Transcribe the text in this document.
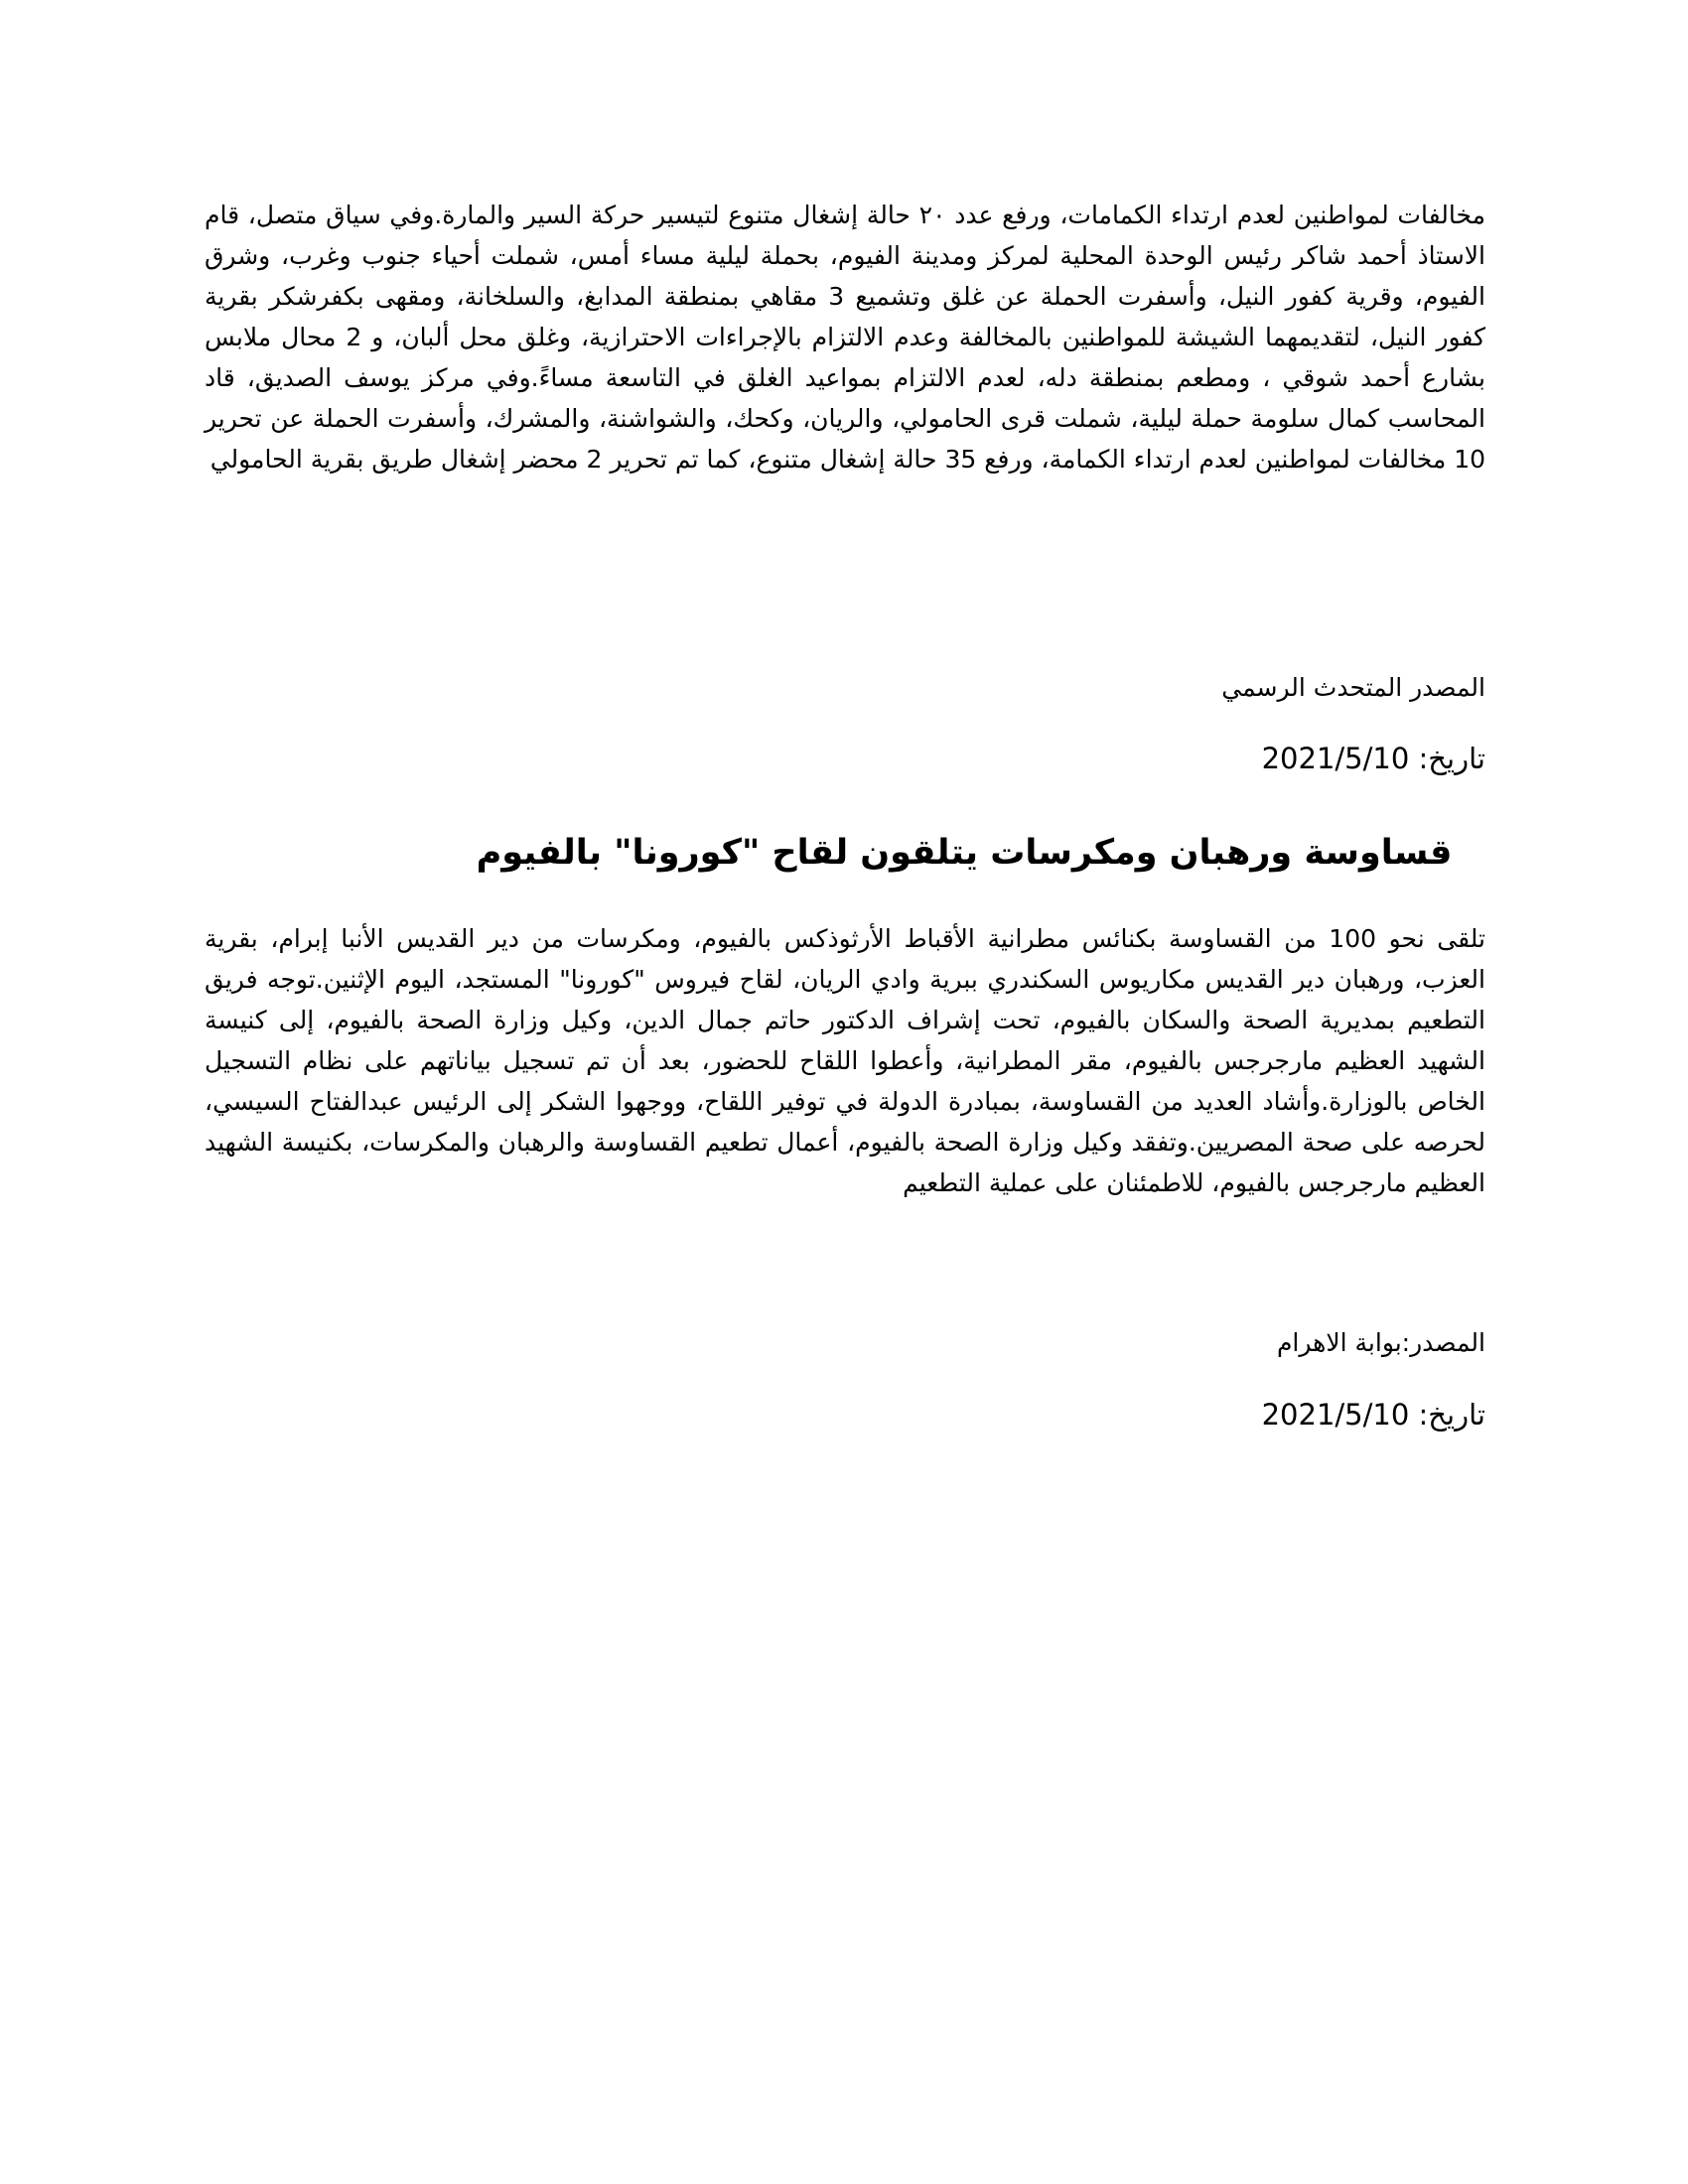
مخالفات لمواطنين لعدم ارتداء الكمامات، ورفع عدد ٢٠ حالة إشغال متنوع لتيسير حركة السير والمارة.وفي سياق متصل، قام الاستاذ أحمد شاكر رئيس الوحدة المحلية لمركز ومدينة الفيوم، بحملة ليلية مساء أمس، شملت أحياء جنوب وغرب، وشرق الفيوم، وقرية كفور النيل، وأسفرت الحملة عن غلق وتشميع 3 مقاهي بمنطقة المدابغ، والسلخانة، ومقهى بكفرشكر بقرية كفور النيل، لتقديمهما الشيشة للمواطنين بالمخالفة وعدم الالتزام بالإجراءات الاحترازية، وغلق محل ألبان، و 2 محال ملابس بشارع أحمد شوقي ، ومطعم بمنطقة دله، لعدم الالتزام بمواعيد الغلق في التاسعة مساءً.وفي مركز يوسف الصديق، قاد المحاسب كمال سلومة حملة ليلية، شملت قرى الحامولي، والريان، وكحك، والشواشنة، والمشرك، وأسفرت الحملة عن تحرير 10 مخالفات لمواطنين لعدم ارتداء الكمامة، ورفع 35 حالة إشغال متنوع، كما تم تحرير 2 محضر إشغال طريق بقرية الحامولي

المصدر المتحدث الرسمي
تاريخ: 2021/5/10
قساوسة ورهبان ومكرسات يتلقون لقاح "كورونا" بالفيوم

تلقى نحو 100 من القساوسة بكنائس مطرانية الأقباط الأرثوذكس بالفيوم، ومكرسات من دير القديس الأنبا إبرام، بقرية العزب، ورهبان دير القديس مكاريوس السكندري ببرية وادي الريان، لقاح فيروس "كورونا" المستجد، اليوم الإثنين.توجه فريق التطعيم بمديرية الصحة والسكان بالفيوم، تحت إشراف الدكتور حاتم جمال الدين، وكيل وزارة الصحة بالفيوم، إلى كنيسة الشهيد العظيم مارجرجس بالفيوم، مقر المطرانية، وأعطوا اللقاح للحضور، بعد أن تم تسجيل بياناتهم على نظام التسجيل الخاص بالوزارة.وأشاد العديد من القساوسة، بمبادرة الدولة في توفير اللقاح، ووجهوا الشكر إلى الرئيس عبدالفتاح السيسي، لحرصه على صحة المصريين.وتفقد وكيل وزارة الصحة بالفيوم، أعمال تطعيم القساوسة والرهبان والمكرسات، بكنيسة الشهيد العظيم مارجرجس بالفيوم، للاطمئنان على عملية التطعيم

المصدر:بوابة الاهرام
تاريخ: 2021/5/10
